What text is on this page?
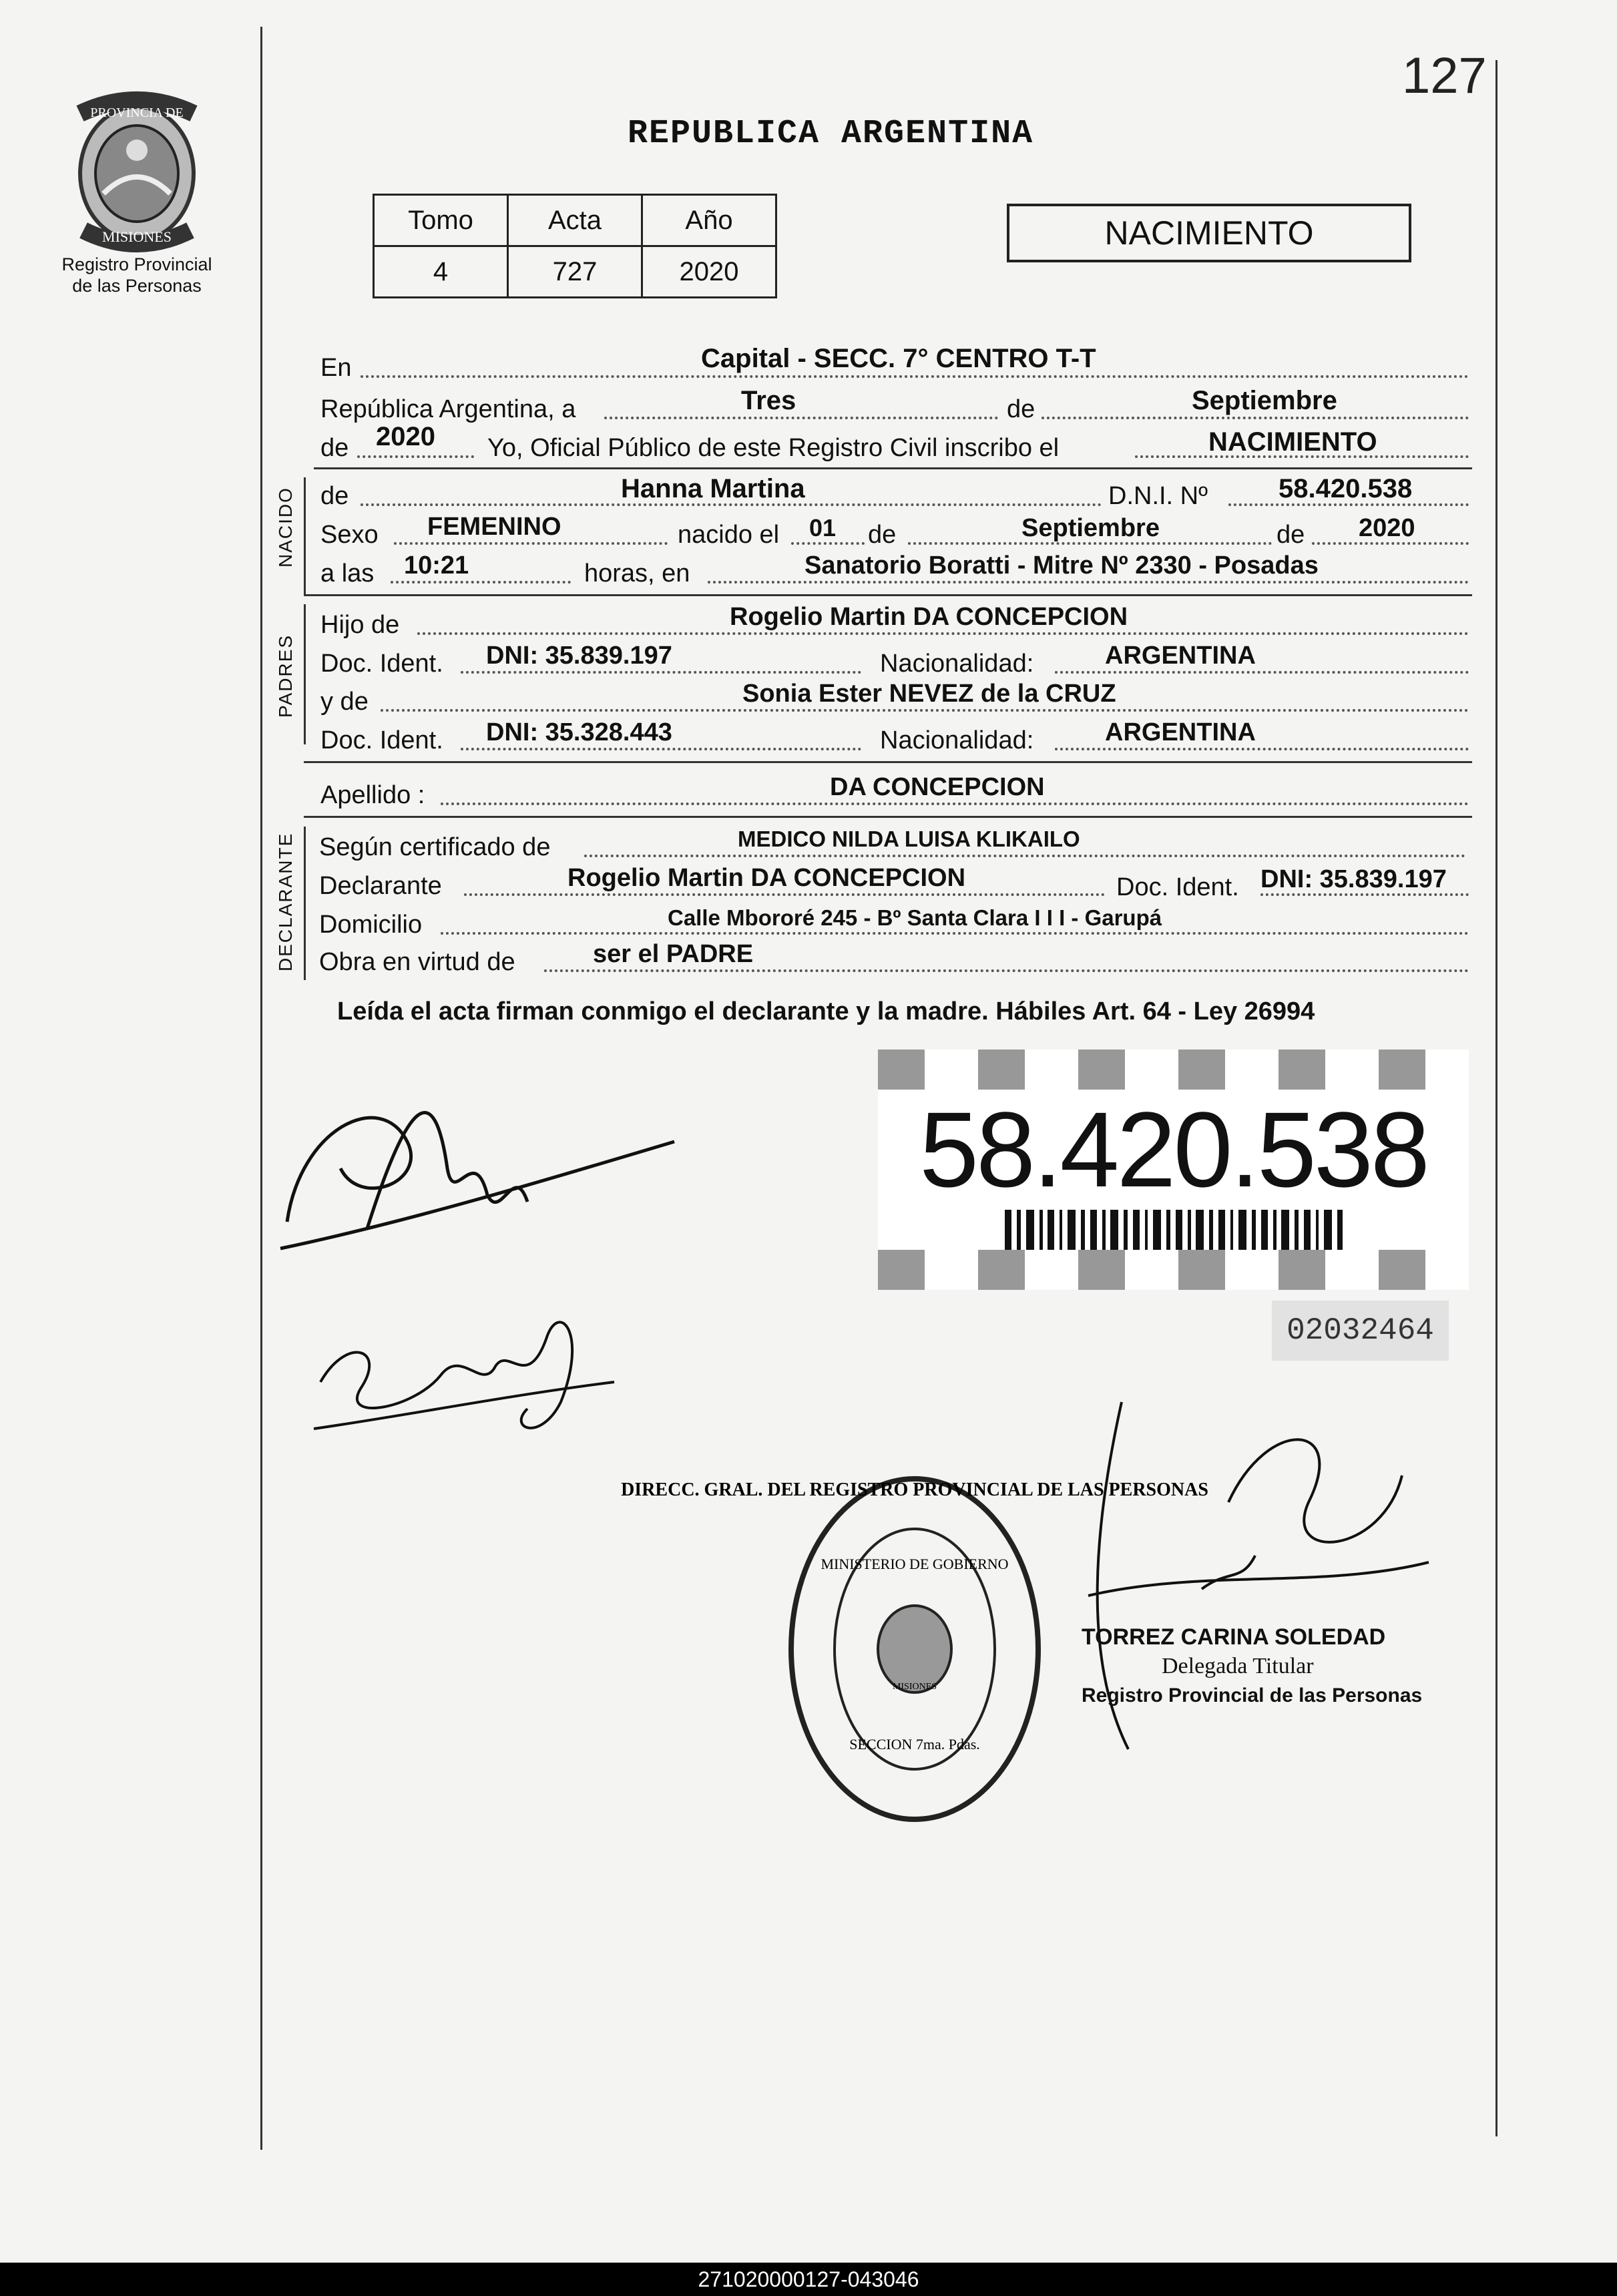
127
REPUBLICA ARGENTINA
PROVINCIA DE
MISIONES
Registro Provincial
de las Personas
Tomo	Acta	Año
4	727	2020
NACIMIENTO
En	Capital - SECC. 7° CENTRO T-T
República Argentina, a	Tres	de	Septiembre
de 2020 Yo, Oficial Público de este Registro Civil inscribo el	NACIMIENTO
NACIDO de	Hanna Martina	D.N.I. Nº	58.420.538
Sexo FEMENINO	nacido el 01 de	Septiembre	de 2020
a las 10:21	horas, en	Sanatorio Boratti - Mitre Nº 2330 - Posadas
PADRES
Hijo de	Rogelio Martin DA CONCEPCION
Doc. Ident. DNI: 35.839.197	Nacionalidad:	ARGENTINA
y de	Sonia Ester NEVEZ de la CRUZ
Doc. Ident. DNI: 35.328.443	Nacionalidad:	ARGENTINA
Apellido :	DA CONCEPCION
DECLARANTE Según certificado de	MEDICO NILDA LUISA KLIKAILO
Declarante	Rogelio Martin DA CONCEPCION	Doc. Ident. DNI: 35.839.197
Domicilio	Calle Mbororé 245 - Bº Santa Clara I I I - Garupá
Obra en virtud de	ser el PADRE
Leída el acta firman conmigo el declarante y la madre. Hábiles Art. 64 - Ley 26994
58.420.538
02032464
DIRECC. GRAL. DEL REGISTRO PROVINCIAL DE LAS PERSONAS
MINISTERIO DE GOBIERNO
MISIONES
SECCION 7ma. Pdas.
TORREZ CARINA SOLEDAD
Delegada Titular
Registro Provincial de las Personas
271020000127-043046
